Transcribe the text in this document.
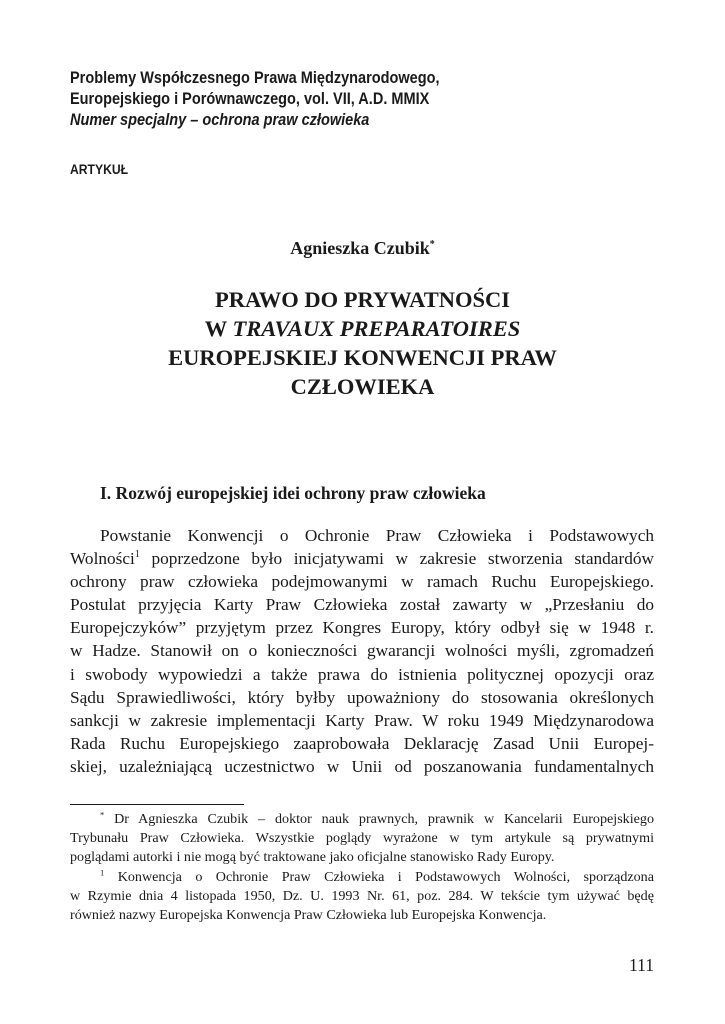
Problemy Współczesnego Prawa Międzynarodowego,
Europejskiego i Porównawczego, vol. VII, A.D. MMIX
Numer specjalny – ochrona praw człowieka
ARTYKUŁ
Agnieszka Czubik*
PRAWO DO PRYWATNOŚCI
W TRAVAUX PREPARATOIRES
EUROPEJSKIEJ KONWENCJI PRAW
CZŁOWIEKA
I. Rozwój europejskiej idei ochrony praw człowieka
Powstanie Konwencji o Ochronie Praw Człowieka i Podstawowych
Wolności$^1$ poprzedzone było inicjatywami w zakresie stworzenia standardów
ochrony praw człowieka podejmowanymi w ramach Ruchu Europejskiego.
Postulat przyjęcia Karty Praw Człowieka został zawarty w „Przesłaniu do
Europejczyków” przyjętym przez Kongres Europy, który odbył się w 1948 r.
w Hadze. Stanowił on o konieczności gwarancji wolności myśli, zgromadzeń
i swobody wypowiedzi a także prawa do istnienia politycznej opozycji oraz
Sądu Sprawiedliwości, który byłby upoważniony do stosowania określonych
sankcji w zakresie implementacji Karty Praw. W roku 1949 Międzynarodowa
Rada Ruchu Europejskiego zaaprobowała Deklarację Zasad Unii Europej-
skiej, uzależniającą uczestnictwo w Unii od poszanowania fundamentalnych
* Dr Agnieszka Czubik – doktor nauk prawnych, prawnik w Kancelarii Europejskiego
Trybunału Praw Człowieka. Wszystkie poglądy wyrażone w tym artykule są prywatnymi
poglądami autorki i nie mogą być traktowane jako oficjalne stanowisko Rady Europy.
$^1$ Konwencja o Ochronie Praw Człowieka i Podstawowych Wolności, sporządzona
w Rzymie dnia 4 listopada 1950, Dz. U. 1993 Nr. 61, poz. 284. W tekście tym używać będę
również nazwy Europejska Konwencja Praw Człowieka lub Europejska Konwencja.
111
